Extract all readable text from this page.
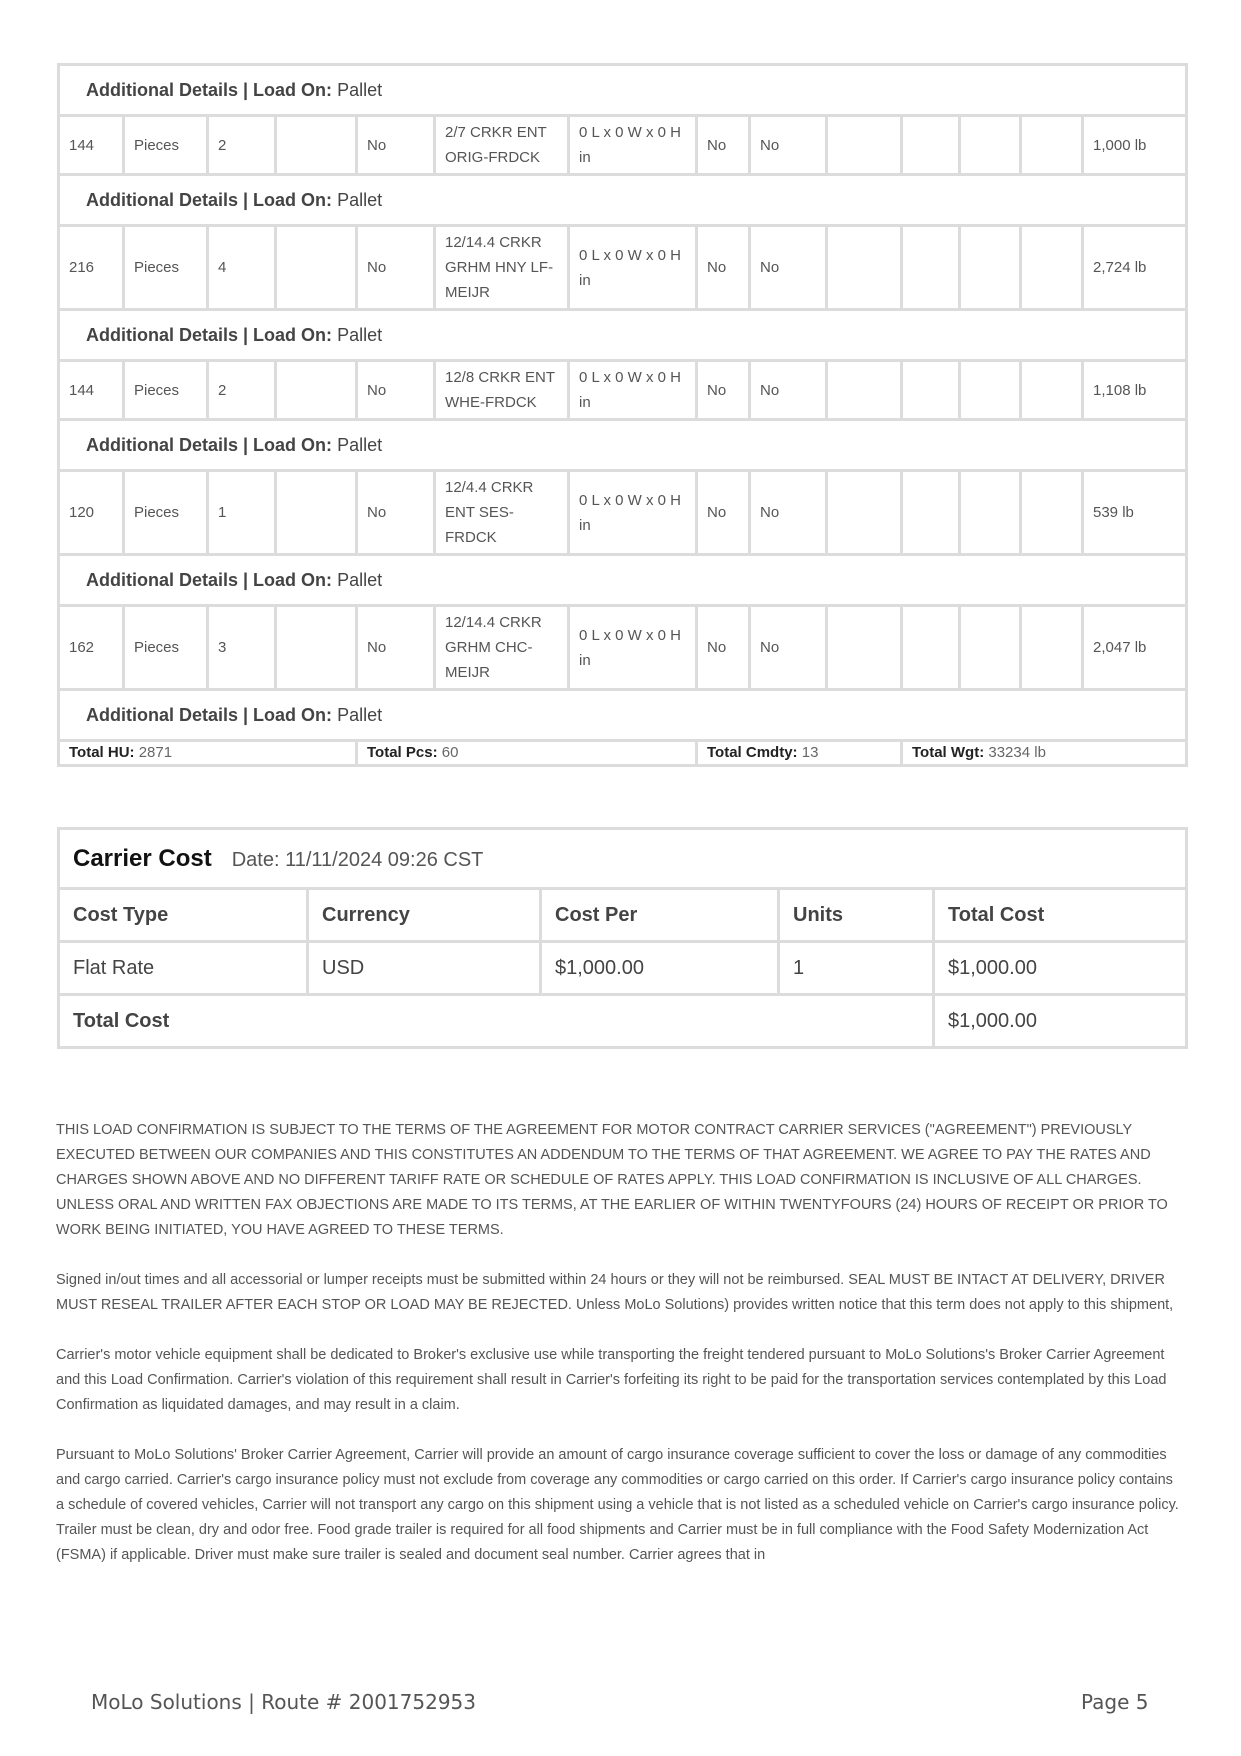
Additional Details | Load On: Pallet													
144	Pieces	2		No	2/7 CRKR ENT ORIG-FRDCK	0 L x 0 W x 0 H in	No	No					1,000 lb
Additional Details | Load On: Pallet													
216	Pieces	4		No	12/14.4 CRKR GRHM HNY LF-MEIJR	0 L x 0 W x 0 H in	No	No					2,724 lb
Additional Details | Load On: Pallet													
144	Pieces	2		No	12/8 CRKR ENT WHE-FRDCK	0 L x 0 W x 0 H in	No	No					1,108 lb
Additional Details | Load On: Pallet													
120	Pieces	1		No	12/4.4 CRKR ENT SES-FRDCK	0 L x 0 W x 0 H in	No	No					539 lb
Additional Details | Load On: Pallet													
162	Pieces	3		No	12/14.4 CRKR GRHM CHC-MEIJR	0 L x 0 W x 0 H in	No	No					2,047 lb
Additional Details | Load On: Pallet													
Total HU: 2871				Total Pcs: 60			Total Cmdty: 13			Total Wgt: 33234 lb			
Carrier Cost Date: 11/11/2024 09:26 CST				
Cost Type	Currency	Cost Per	Units	Total Cost
Flat Rate	USD	$1,000.00	1	$1,000.00
Total Cost				$1,000.00

THIS LOAD CONFIRMATION IS SUBJECT TO THE TERMS OF THE AGREEMENT FOR MOTOR CONTRACT CARRIER SERVICES ("AGREEMENT") PREVIOUSLY EXECUTED BETWEEN OUR COMPANIES AND THIS CONSTITUTES AN ADDENDUM TO THE TERMS OF THAT AGREEMENT. WE AGREE TO PAY THE RATES AND CHARGES SHOWN ABOVE AND NO DIFFERENT TARIFF RATE OR SCHEDULE OF RATES APPLY. THIS LOAD CONFIRMATION IS INCLUSIVE OF ALL CHARGES. UNLESS ORAL AND WRITTEN FAX OBJECTIONS ARE MADE TO ITS TERMS, AT THE EARLIER OF WITHIN TWENTYFOURS (24) HOURS OF RECEIPT OR PRIOR TO WORK BEING INITIATED, YOU HAVE AGREED TO THESE TERMS.

Signed in/out times and all accessorial or lumper receipts must be submitted within 24 hours or they will not be reimbursed. SEAL MUST BE INTACT AT DELIVERY, DRIVER MUST RESEAL TRAILER AFTER EACH STOP OR LOAD MAY BE REJECTED. Unless MoLo Solutions) provides written notice that this term does not apply to this shipment,

Carrier's motor vehicle equipment shall be dedicated to Broker's exclusive use while transporting the freight tendered pursuant to MoLo Solutions's Broker Carrier Agreement and this Load Confirmation. Carrier's violation of this requirement shall result in Carrier's forfeiting its right to be paid for the transportation services contemplated by this Load Confirmation as liquidated damages, and may result in a claim.

Pursuant to MoLo Solutions' Broker Carrier Agreement, Carrier will provide an amount of cargo insurance coverage sufficient to cover the loss or damage of any commodities and cargo carried. Carrier's cargo insurance policy must not exclude from coverage any commodities or cargo carried on this order. If Carrier's cargo insurance policy contains a schedule of covered vehicles, Carrier will not transport any cargo on this shipment using a vehicle that is not listed as a scheduled vehicle on Carrier's cargo insurance policy. Trailer must be clean, dry and odor free. Food grade trailer is required for all food shipments and Carrier must be in full compliance with the Food Safety Modernization Act (FSMA) if applicable. Driver must make sure trailer is sealed and document seal number. Carrier agrees that in

MoLo Solutions | Route # 2001752953	Page 5
